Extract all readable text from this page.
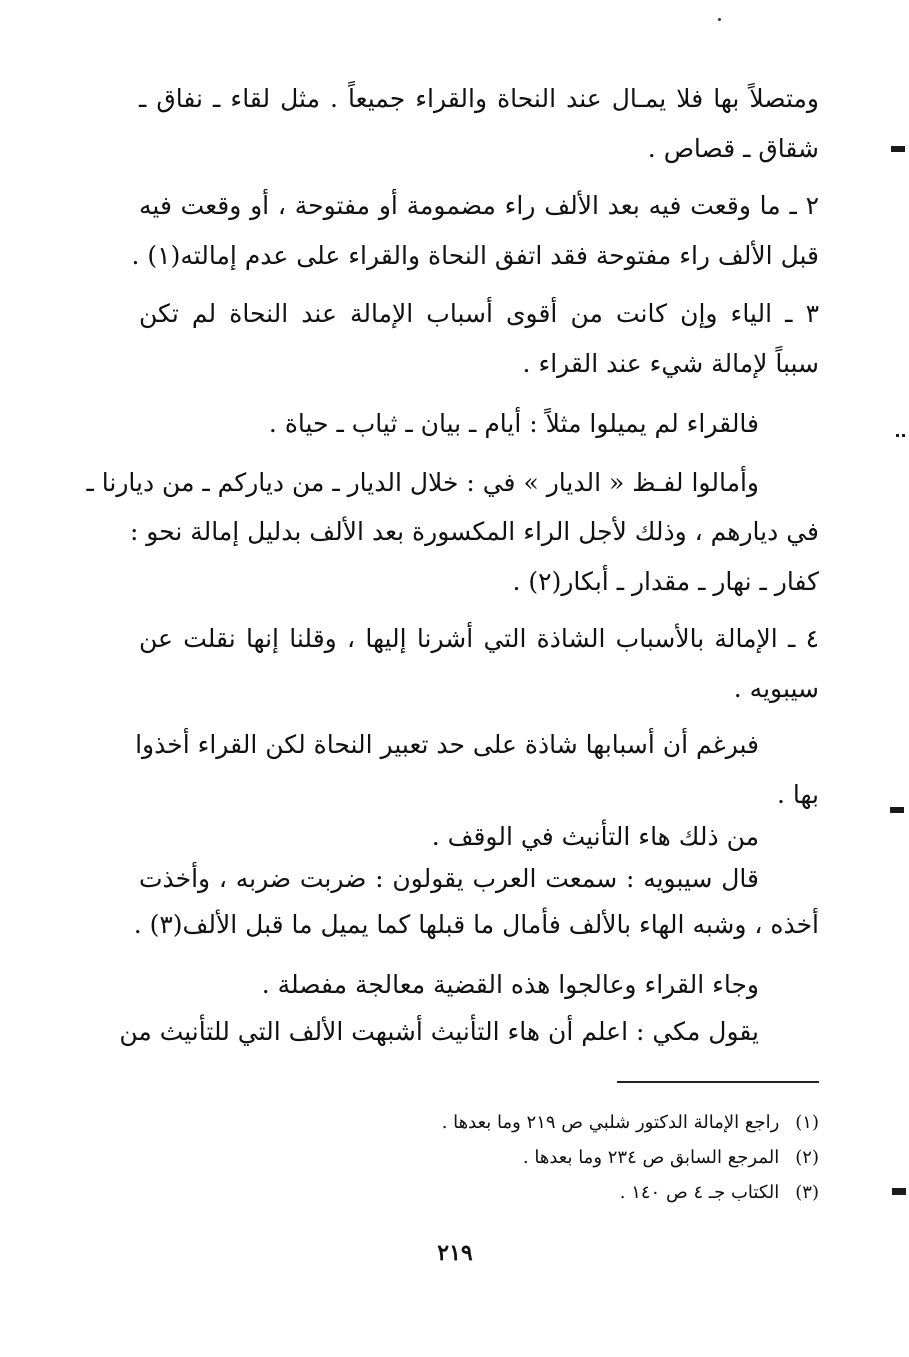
ومتصلاً بها فلا يمـال عند النحاة والقراء جميعاً . مثل لقاء ـ نفاق ـ
شقاق ـ قصاص .
٢ ـ ما وقعت فيه بعد الألف راء مضمومة أو مفتوحة ، أو وقعت فيه
قبل الألف راء مفتوحة فقد اتفق النحاة والقراء على عدم إمالته(١) .
٣ ـ الياء وإن كانت من أقوى أسباب الإمالة عند النحاة لم تكن
سبباً لإمالة شيء عند القراء .
فالقراء لم يميلوا مثلاً : أيام ـ بيان ـ ثياب ـ حياة .
وأمالوا لفـظ « الديار » في : خلال الديار ـ من دياركم ـ من ديارنا ـ
في ديارهم ، وذلك لأجل الراء المكسورة بعد الألف بدليل إمالة نحو :
كفار ـ نهار ـ مقدار ـ أبكار(٢) .
٤ ـ الإمالة بالأسباب الشاذة التي أشرنا إليها ، وقلنا إنها نقلت عن
سيبويه .
فبرغم أن أسبابها شاذة على حد تعبير النحاة لكن القراء أخذوا
بها .
من ذلك هاء التأنيث في الوقف .
قال سيبويه : سمعت العرب يقولون : ضربت ضربه ، وأخذت
أخذه ، وشبه الهاء بالألف فأمال ما قبلها كما يميل ما قبل الألف(٣) .
وجاء القراء وعالجوا هذه القضية معالجة مفصلة .
يقول مكي : اعلم أن هاء التأنيث أشبهت الألف التي للتأنيث من
(١) راجع الإمالة الدكتور شلبي ص ٢١٩ وما بعدها .
(٢) المرجع السابق ص ٢٣٤ وما بعدها .
(٣) الكتاب جـ ٤ ص ١٤٠ .
٢١٩
